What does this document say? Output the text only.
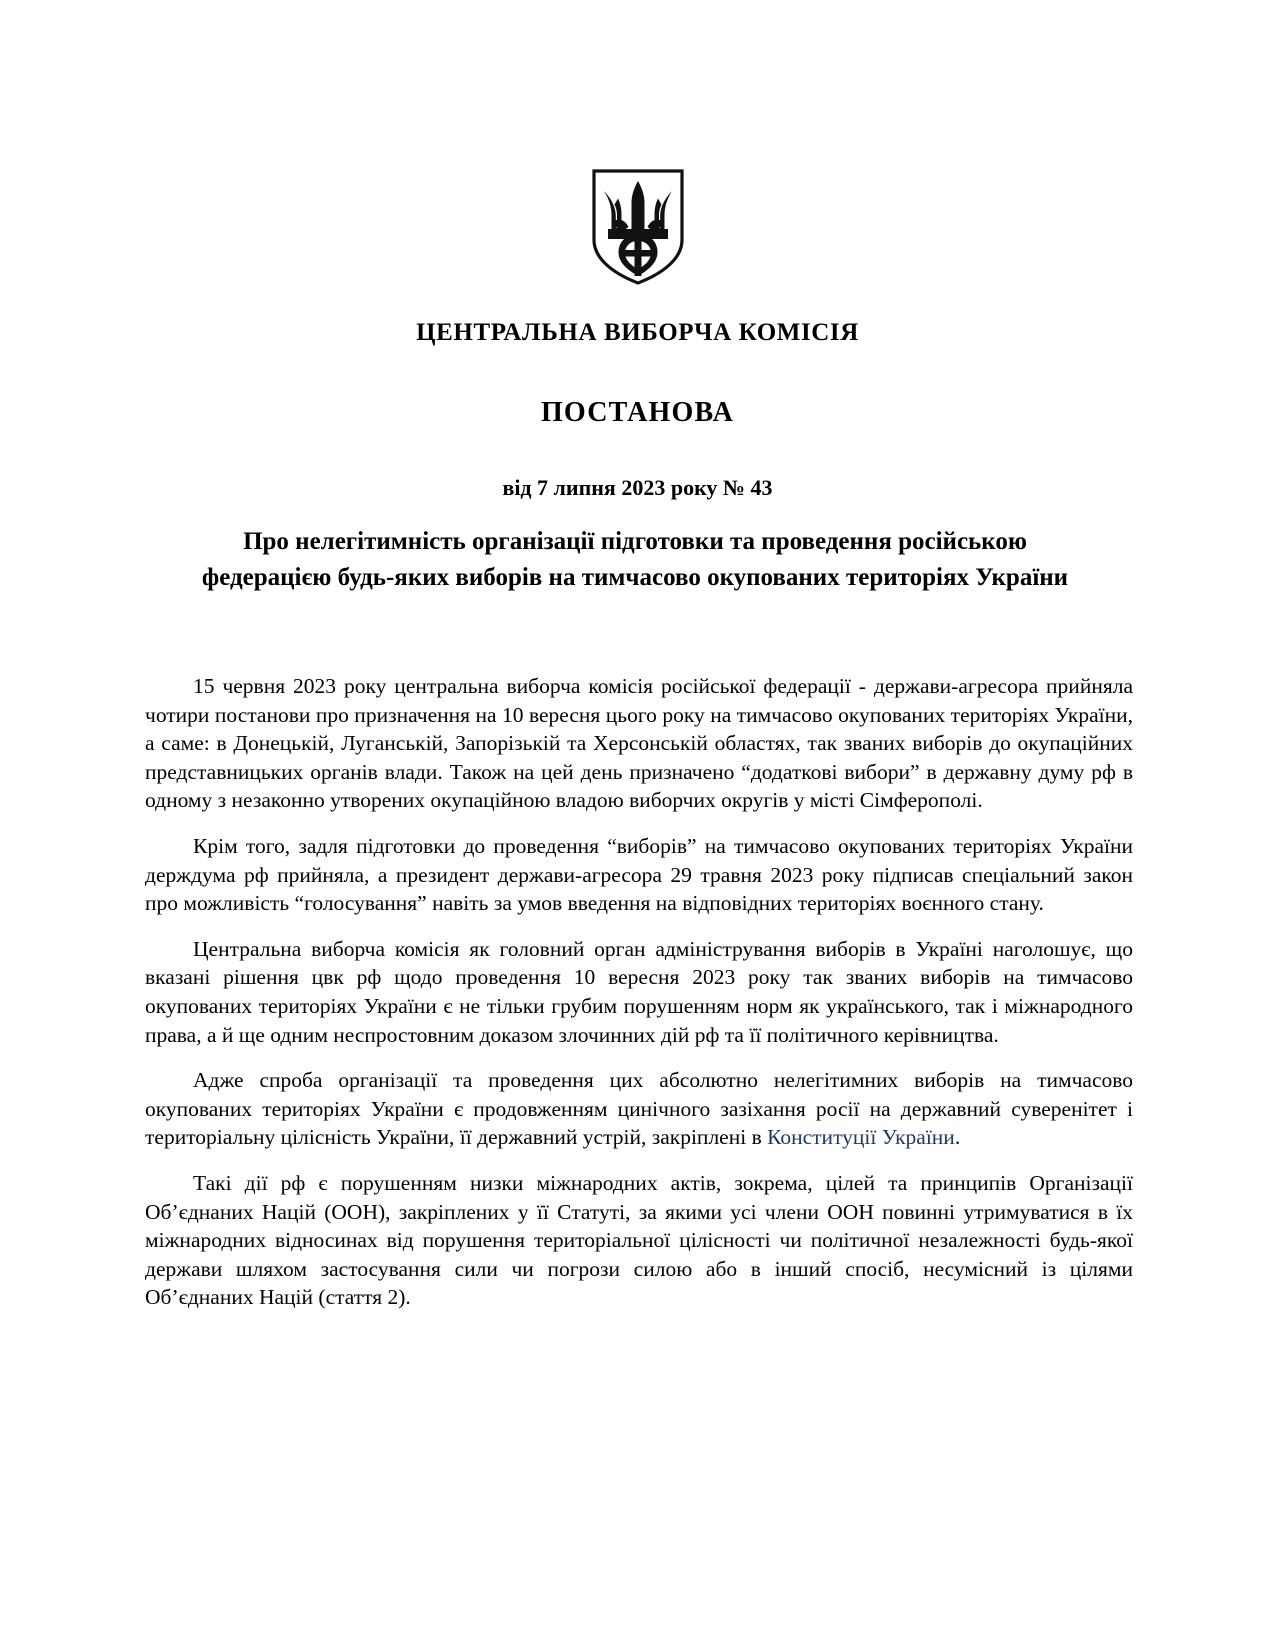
ЦЕНТРАЛЬНА ВИБОРЧА КОМІСІЯ
ПОСТАНОВА
від 7 липня 2023 року № 43
Про нелегітимність організації підготовки та проведення російською федерацією будь-яких виборів на тимчасово окупованих територіях України

15 червня 2023 року центральна виборча комісія російської федерації - держави-агресора прийняла чотири постанови про призначення на 10 вересня цього року на тимчасово окупованих територіях України, а саме: в Донецькій, Луганській, Запорізькій та Херсонській областях, так званих виборів до окупаційних представницьких органів влади. Також на цей день призначено “додаткові вибори” в державну думу рф в одному з незаконно утворених окупаційною владою виборчих округів у місті Сімферополі.

Крім того, задля підготовки до проведення “виборів” на тимчасово окупованих територіях України держдума рф прийняла, а президент держави-агресора 29 травня 2023 року підписав спеціальний закон про можливість “голосування” навіть за умов введення на відповідних територіях воєнного стану.

Центральна виборча комісія як головний орган адміністрування виборів в Україні наголошує, що вказані рішення цвк рф щодо проведення 10 вересня 2023 року так званих виборів на тимчасово окупованих територіях України є не тільки грубим порушенням норм як українського, так і міжнародного права, а й ще одним неспростовним доказом злочинних дій рф та її політичного керівництва.

Адже спроба організації та проведення цих абсолютно нелегітимних виборів на тимчасово окупованих територіях України є продовженням цинічного зазіхання росії на державний суверенітет і територіальну цілісність України, її державний устрій, закріплені в Конституції України.

Такі дії рф є порушенням низки міжнародних актів, зокрема, цілей та принципів Організації Об’єднаних Націй (ООН), закріплених у її Статуті, за якими усі члени ООН повинні утримуватися в їх міжнародних відносинах від порушення територіальної цілісності чи політичної незалежності будь-якої держави шляхом застосування сили чи погрози силою або в інший спосіб, несумісний із цілями Об’єднаних Націй (стаття 2).
